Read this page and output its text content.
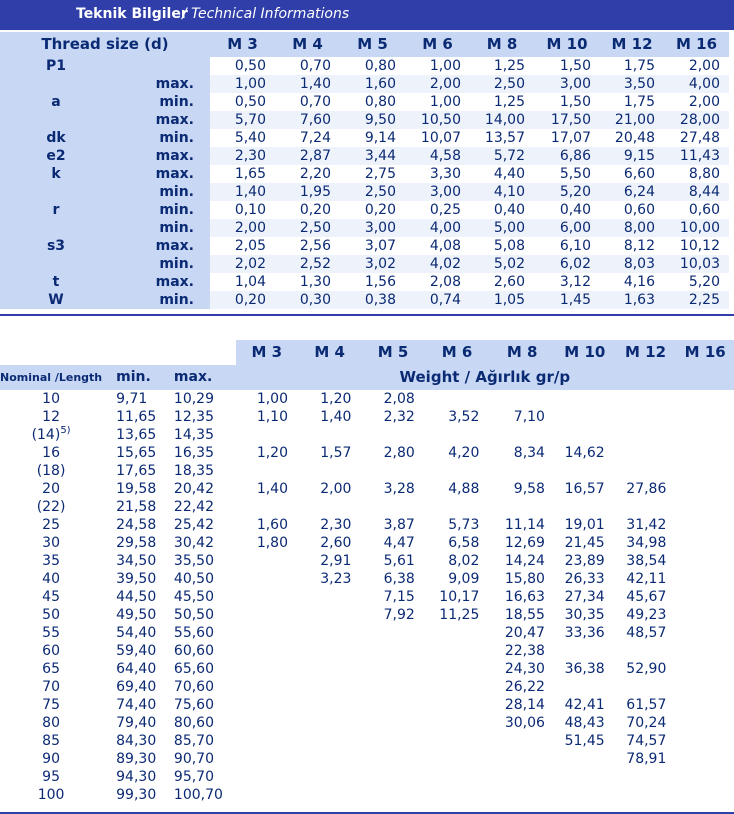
Teknik Bilgiler
/ Technical Informations
Thread size (d)		M 3	M 4	M 5	M 6	M 8	M 10	M 12	M 16
P1		0,50	0,70	0,80	1,00	1,25	1,50	1,75	2,00
	max.	1,00	1,40	1,60	2,00	2,50	3,00	3,50	4,00
a	min.	0,50	0,70	0,80	1,00	1,25	1,50	1,75	2,00
	max.	5,70	7,60	9,50	10,50	14,00	17,50	21,00	28,00
dk	min.	5,40	7,24	9,14	10,07	13,57	17,07	20,48	27,48
e2	max.	2,30	2,87	3,44	4,58	5,72	6,86	9,15	11,43
k	max.	1,65	2,20	2,75	3,30	4,40	5,50	6,60	8,80
	min.	1,40	1,95	2,50	3,00	4,10	5,20	6,24	8,44
r	min.	0,10	0,20	0,20	0,25	0,40	0,40	0,60	0,60
	min.	2,00	2,50	3,00	4,00	5,00	6,00	8,00	10,00
s3	max.	2,05	2,56	3,07	4,08	5,08	6,10	8,12	10,12
	min.	2,02	2,52	3,02	4,02	5,02	6,02	8,03	10,03
t	max.	1,04	1,30	1,56	2,08	2,60	3,12	4,16	5,20
W	min.	0,20	0,30	0,38	0,74	1,05	1,45	1,63	2,25
			M 3	M 4	M 5	M 6	M 8	M 10	M 12	M 16
Nominal /Length	min.	max.	Weight / Ağırlık gr/p							
10	9,71	10,29	1,00	1,20	2,08					
12	11,65	12,35	1,10	1,40	2,32	3,52	7,10			
$(14)^{5)}$	13,65	14,35								
16	15,65	16,35	1,20	1,57	2,80	4,20	8,34	14,62		
(18)	17,65	18,35								
20	19,58	20,42	1,40	2,00	3,28	4,88	9,58	16,57	27,86	
(22)	21,58	22,42								
25	24,58	25,42	1,60	2,30	3,87	5,73	11,14	19,01	31,42	
30	29,58	30,42	1,80	2,60	4,47	6,58	12,69	21,45	34,98	
35	34,50	35,50		2,91	5,61	8,02	14,24	23,89	38,54	
40	39,50	40,50		3,23	6,38	9,09	15,80	26,33	42,11	
45	44,50	45,50			7,15	10,17	16,63	27,34	45,67	
50	49,50	50,50			7,92	11,25	18,55	30,35	49,23	
55	54,40	55,60					20,47	33,36	48,57	
60	59,40	60,60					22,38			
65	64,40	65,60					24,30	36,38	52,90	
70	69,40	70,60					26,22			
75	74,40	75,60					28,14	42,41	61,57	
80	79,40	80,60					30,06	48,43	70,24	
85	84,30	85,70						51,45	74,57	
90	89,30	90,70							78,91	
95	94,30	95,70								
100	99,30	100,70								
